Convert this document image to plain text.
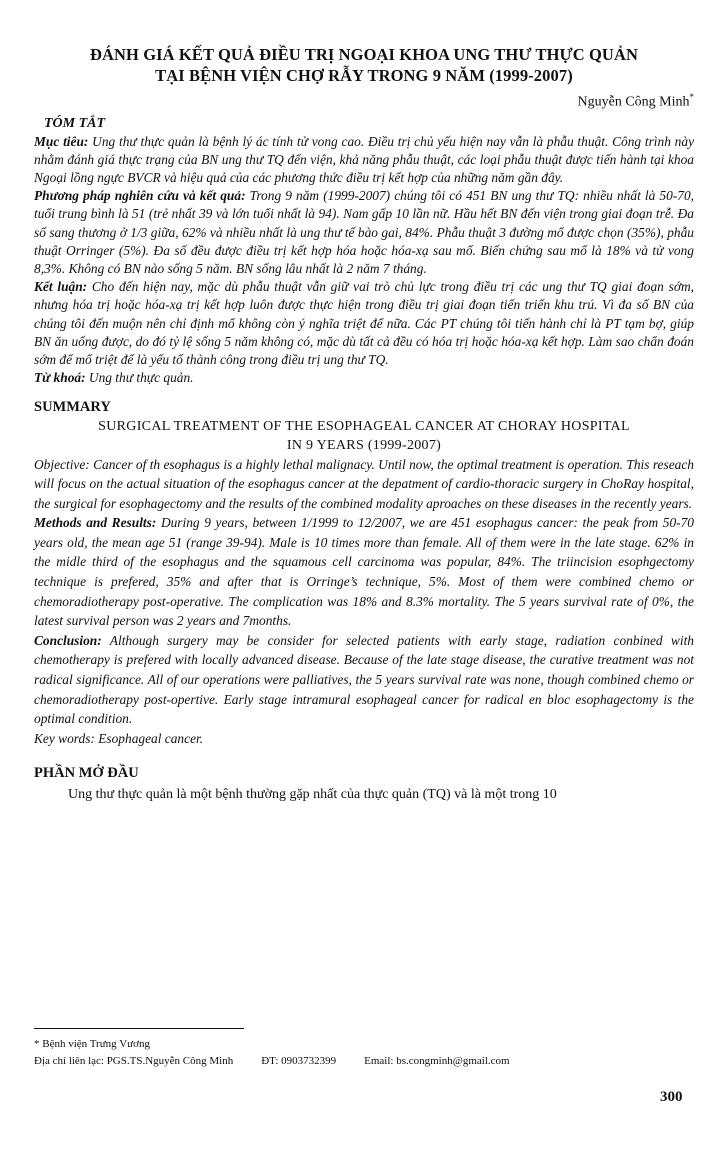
ĐÁNH GIÁ KẾT QUẢ ĐIỀU TRỊ NGOẠI KHOA UNG THƯ THỰC QUẢN

TẠI BỆNH VIỆN CHỢ RẪY TRONG 9 NĂM (1999-2007)

Nguyễn Công Minh*
TÓM TẮT

Mục tiêu: Ung thư thực quản là bệnh lý ác tính tử vong cao. Điều trị chủ yếu hiện nay vẫn là phẫu thuật. Công trình này nhằm đánh giá thực trạng của BN ung thư TQ đến viện, khả năng phẫu thuật, các loại phẫu thuật được tiến hành tại khoa Ngoại lồng ngực BVCR và hiệu quả của các phương thức điều trị kết hợp của những năm gần đây.

Phương pháp nghiên cứu và kết quả: Trong 9 năm (1999-2007) chúng tôi có 451 BN ung thư TQ: nhiều nhất là 50-70, tuổi trung bình là 51 (trẻ nhất 39 và lớn tuổi nhất là 94). Nam gấp 10 lần nữ. Hầu hết BN đến viện trong giai đoạn trễ. Đa số sang thương ở 1/3 giữa, 62% và nhiều nhất là ung thư tế bào gai, 84%. Phẫu thuật 3 đường mổ được chọn (35%), phẫu thuật Orringer (5%). Đa số đều được điều trị kết hợp hóa hoặc hóa-xạ sau mổ. Biến chứng sau mổ là 18% và tử vong 8,3%. Không có BN nào sống 5 năm. BN sống lâu nhất là 2 năm 7 tháng.

Kết luận: Cho đến hiện nay, mặc dù phẫu thuật vẫn giữ vai trò chủ lực trong điều trị các ung thư TQ giai đoạn sớm, nhưng hóa trị hoặc hóa-xạ trị kết hợp luôn được thực hiện trong điều trị giai đoạn tiến triển khu trú. Vì đa số BN của chúng tôi đến muộn nên chỉ định mổ không còn ý nghĩa triệt để nữa. Các PT chúng tôi tiến hành chỉ là PT tạm bợ, giúp BN ăn uống được, do đó tỷ lệ sống 5 năm không có, mặc dù tất cả đều có hóa trị hoặc hóa-xạ kết hợp. Làm sao chẩn đoán sớm để mổ triệt để là yếu tố thành công trong điều trị ung thư TQ.

Từ khoá: Ung thư thực quản.

SUMMARY
SURGICAL TREATMENT OF THE ESOPHAGEAL CANCER AT CHORAY HOSPITAL
IN 9 YEARS (1999-2007)

Objective: Cancer of th esophagus is a highly lethal malignacy. Until now, the optimal treatment is operation. This reseach will focus on the actual situation of the esophagus cancer at the depatment of cardio-thoracic surgery in ChoRay hospital, the surgical for esophagectomy and the results of the combined modality aproaches on these diseases in the recently years.

Methods and Results: During 9 years, between 1/1999 to 12/2007, we are 451 esophagus cancer: the peak from 50-70 years old, the mean age 51 (range 39-94). Male is 10 times more than female. All of them were in the late stage. 62% in the midle third of the esophagus and the squamous cell carcinoma was popular, 84%. The triincision esophgectomy technique is prefered, 35% and after that is Orringe’s technique, 5%. Most of them were combined chemo or chemoradiotherapy post-operative. The complication was 18% and 8.3% mortality. The 5 years survival rate of 0%, the latest survival person was 2 years and 7months.

Conclusion: Although surgery may be consider for selected patients with early stage, radiation conbined with chemotherapy is prefered with locally advanced disease. Because of the late stage disease, the curative treatment was not radical significance. All of our operations were palliatives, the 5 years survival rate was none, though combined chemo or chemoradiotherapy post-opertive. Early stage intramural esophageal cancer for radical en bloc esophagectomy is the optimal condition.

Key words: Esophageal cancer.

PHẦN MỞ ĐẦU

Ung thư thực quản là một bệnh thường gặp nhất của thực quản (TQ) và là một trong 10

* Bệnh viện Trưng Vương
Địa chỉ liên lạc: PGS.TS.Nguyễn Công Minh	ĐT: 0903732399	Email: bs.congminh@gmail.com
300
